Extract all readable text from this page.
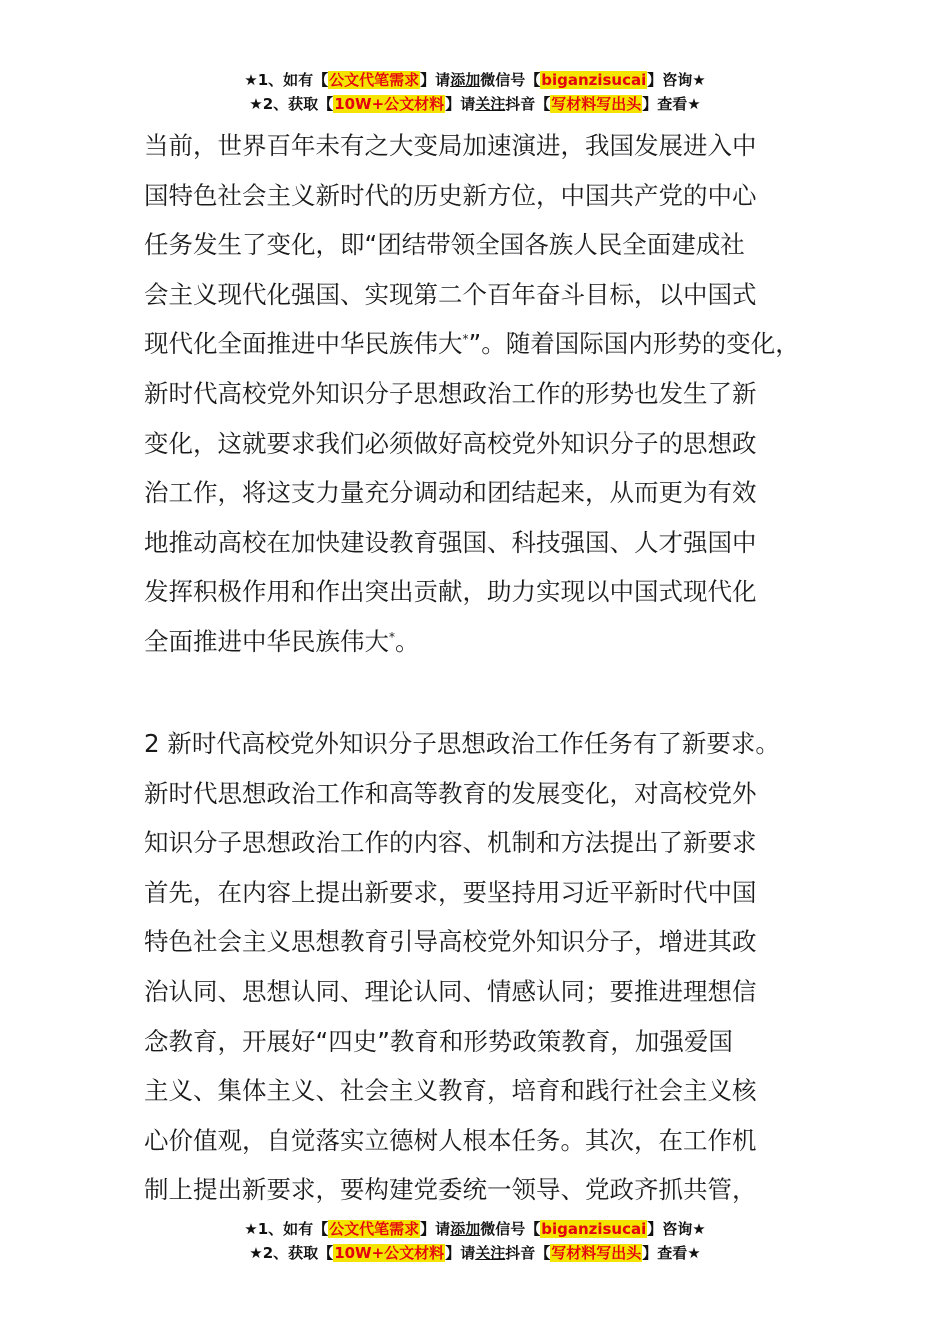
★1、如有【公文代笔需求】请添加微信号【biganzisucai】咨询★
★2、获取【10W+公文材料】请关注抖音【写材料写出头】查看★
当前，世界百年未有之大变局加速演进，我国发展进入中
国特色社会主义新时代的历史新方位，中国共产党的中心
任务发生了变化，即“团结带领全国各族人民全面建成社
会主义现代化强国、实现第二个百年奋斗目标，以中国式
现代化全面推进中华民族伟大*”。随着国际国内形势的变化，
新时代高校党外知识分子思想政治工作的形势也发生了新
变化，这就要求我们必须做好高校党外知识分子的思想政
治工作，将这支力量充分调动和团结起来，从而更为有效
地推动高校在加快建设教育强国、科技强国、人才强国中
发挥积极作用和作出突出贡献，助力实现以中国式现代化
全面推进中华民族伟大*。
2 新时代高校党外知识分子思想政治工作任务有了新要求。
新时代思想政治工作和高等教育的发展变化，对高校党外
知识分子思想政治工作的内容、机制和方法提出了新要求
首先，在内容上提出新要求，要坚持用习近平新时代中国
特色社会主义思想教育引导高校党外知识分子，增进其政
治认同、思想认同、理论认同、情感认同；要推进理想信
念教育，开展好“四史”教育和形势政策教育，加强爱国
主义、集体主义、社会主义教育，培育和践行社会主义核
心价值观，自觉落实立德树人根本任务。其次，在工作机
制上提出新要求，要构建党委统一领导、党政齐抓共管，
★1、如有【公文代笔需求】请添加微信号【biganzisucai】咨询★
★2、获取【10W+公文材料】请关注抖音【写材料写出头】查看★
